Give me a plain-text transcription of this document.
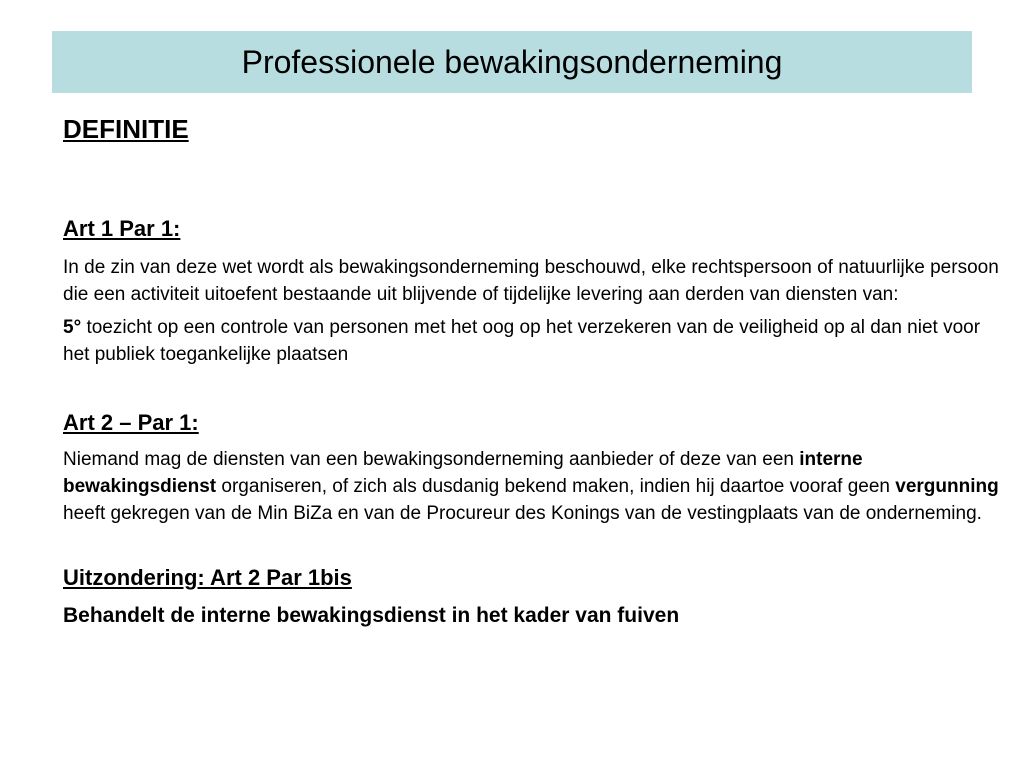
Professionele bewakingsonderneming

DEFINITIE

Art 1 Par 1:

In de zin van deze wet wordt als bewakingsonderneming beschouwd, elke rechtspersoon of natuurlijke persoon die een activiteit uitoefent bestaande uit blijvende of tijdelijke levering aan derden van diensten van:

5° toezicht op een controle van personen met het oog op het verzekeren van de veiligheid op al dan niet voor het publiek toegankelijke plaatsen

Art 2 – Par 1:

Niemand mag de diensten van een bewakingsonderneming aanbieder of deze van een interne bewakingsdienst organiseren, of zich als dusdanig bekend maken, indien hij daartoe vooraf geen vergunning heeft gekregen van de Min BiZa en van de Procureur des Konings van de vestingplaats van de onderneming.

Uitzondering: Art 2 Par 1bis

Behandelt de interne bewakingsdienst in het kader van fuiven
